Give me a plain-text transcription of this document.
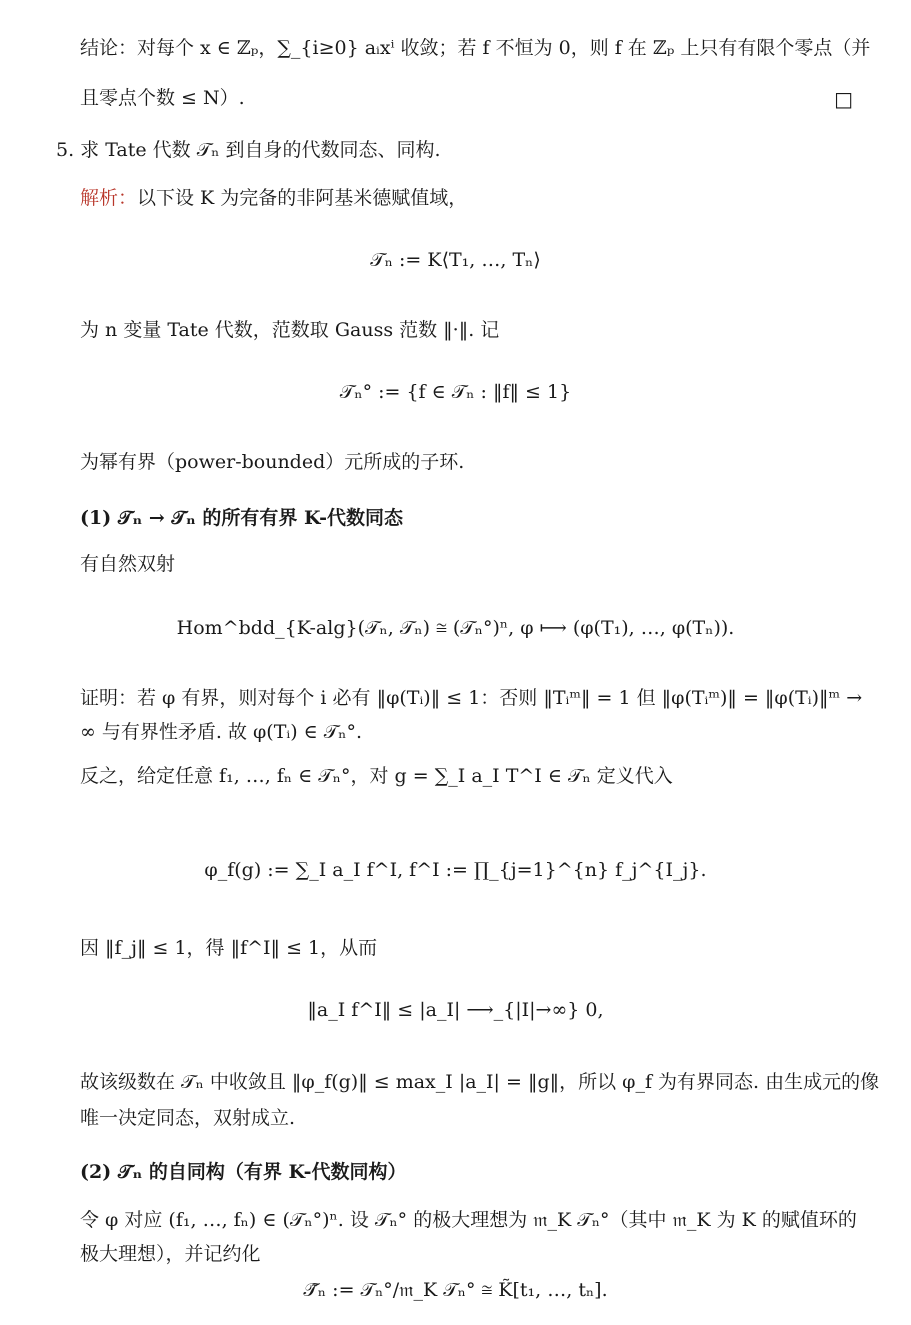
结论：对每个 x ∈ ℤₚ，∑_{i≥0} aᵢxⁱ 收敛；若 f 不恒为 0，则 f 在 ℤₚ 上只有有限个零点（并
且零点个数 ≤ N）.	□
5. 求 Tate 代数 𝒯ₙ 到自身的代数同态、同构.
解析：以下设 K 为完备的非阿基米德赋值域，
𝒯ₙ := K⟨T₁, …, Tₙ⟩
为 n 变量 Tate 代数，范数取 Gauss 范数 ‖·‖. 记
𝒯ₙ° := {f ∈ 𝒯ₙ : ‖f‖ ≤ 1}
为幂有界（power-bounded）元所成的子环.
(1) 𝒯ₙ → 𝒯ₙ 的所有有界 K-代数同态
有自然双射
Hom^bdd_{K-alg}(𝒯ₙ, 𝒯ₙ) ≅ (𝒯ₙ°)ⁿ, φ ⟼ (φ(T₁), …, φ(Tₙ)).
证明：若 φ 有界，则对每个 i 必有 ‖φ(Tᵢ)‖ ≤ 1：否则 ‖Tᵢᵐ‖ = 1 但 ‖φ(Tᵢᵐ)‖ = ‖φ(Tᵢ)‖ᵐ →
∞ 与有界性矛盾. 故 φ(Tᵢ) ∈ 𝒯ₙ°.
反之，给定任意 f₁, …, fₙ ∈ 𝒯ₙ°，对 g = ∑_I a_I T^I ∈ 𝒯ₙ 定义代入
φ_f(g) := ∑_I a_I f^I, f^I := ∏_{j=1}^{n} f_j^{I_j}.
因 ‖f_j‖ ≤ 1，得 ‖f^I‖ ≤ 1，从而
‖a_I f^I‖ ≤ |a_I| ⟶_{|I|→∞} 0,
故该级数在 𝒯ₙ 中收敛且 ‖φ_f(g)‖ ≤ max_I |a_I| = ‖g‖，所以 φ_f 为有界同态. 由生成元的像
唯一决定同态，双射成立.
(2) 𝒯ₙ 的自同构（有界 K-代数同构）
令 φ 对应 (f₁, …, fₙ) ∈ (𝒯ₙ°)ⁿ. 设 𝒯ₙ° 的极大理想为 𝔪_K 𝒯ₙ°（其中 𝔪_K 为 K 的赋值环的
极大理想），并记约化
𝒯̃ₙ := 𝒯ₙ°/𝔪_K 𝒯ₙ° ≅ K̃[t₁, …, tₙ].
